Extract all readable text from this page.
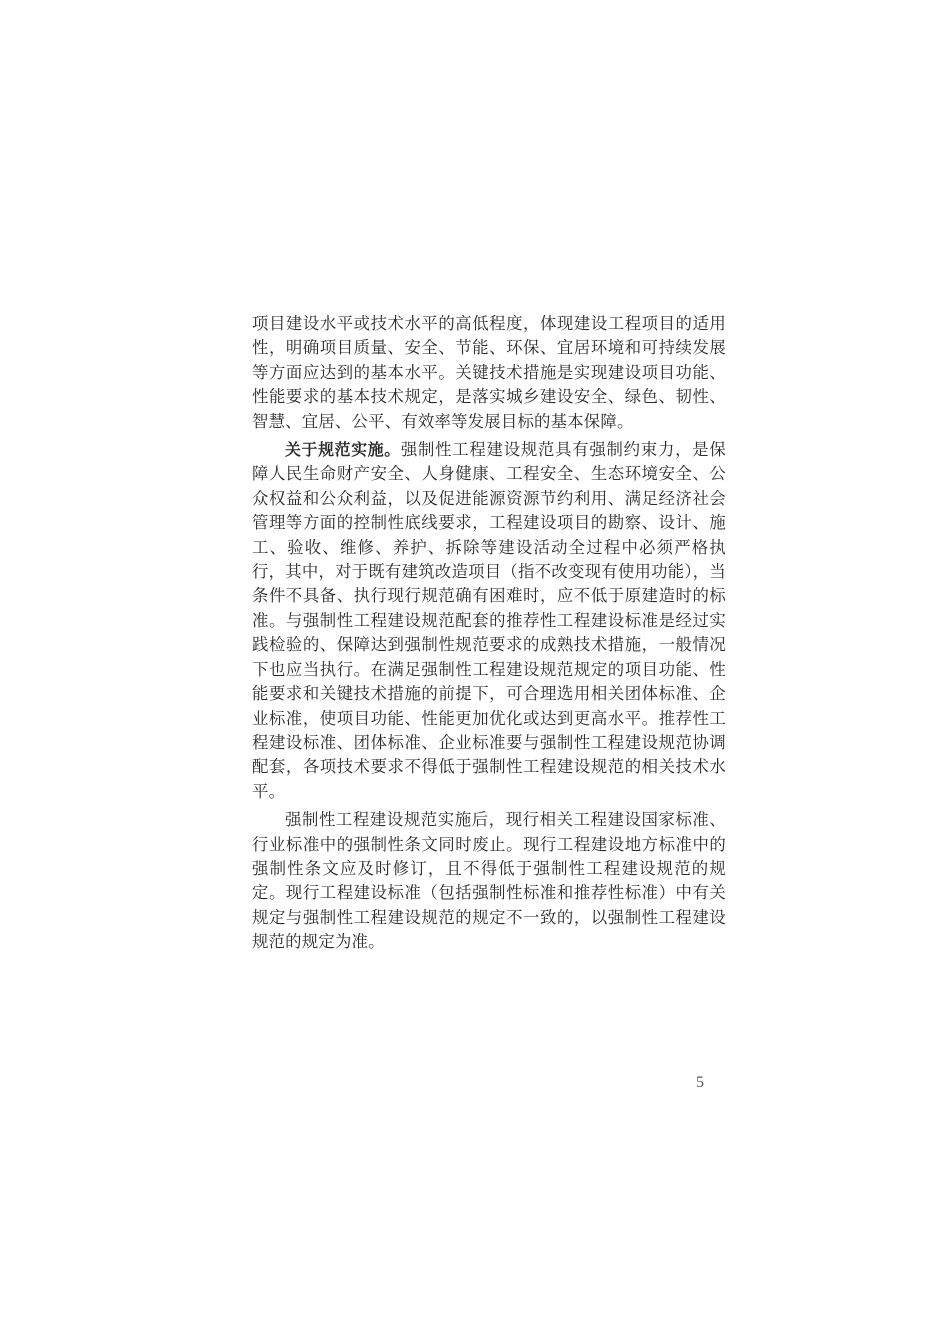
项目建设水平或技术水平的高低程度，体现建设工程项目的适用性，明确项目质量、安全、节能、环保、宜居环境和可持续发展等方面应达到的基本水平。关键技术措施是实现建设项目功能、性能要求的基本技术规定，是落实城乡建设安全、绿色、韧性、智慧、宜居、公平、有效率等发展目标的基本保障。

关于规范实施。强制性工程建设规范具有强制约束力，是保障人民生命财产安全、人身健康、工程安全、生态环境安全、公众权益和公众利益，以及促进能源资源节约利用、满足经济社会管理等方面的控制性底线要求，工程建设项目的勘察、设计、施工、验收、维修、养护、拆除等建设活动全过程中必须严格执行，其中，对于既有建筑改造项目（指不改变现有使用功能），当条件不具备、执行现行规范确有困难时，应不低于原建造时的标准。与强制性工程建设规范配套的推荐性工程建设标准是经过实践检验的、保障达到强制性规范要求的成熟技术措施，一般情况下也应当执行。在满足强制性工程建设规范规定的项目功能、性能要求和关键技术措施的前提下，可合理选用相关团体标准、企业标准，使项目功能、性能更加优化或达到更高水平。推荐性工程建设标准、团体标准、企业标准要与强制性工程建设规范协调配套，各项技术要求不得低于强制性工程建设规范的相关技术水平。

强制性工程建设规范实施后，现行相关工程建设国家标准、行业标准中的强制性条文同时废止。现行工程建设地方标准中的强制性条文应及时修订，且不得低于强制性工程建设规范的规定。现行工程建设标准（包括强制性标准和推荐性标准）中有关规定与强制性工程建设规范的规定不一致的，以强制性工程建设规范的规定为准。

5
